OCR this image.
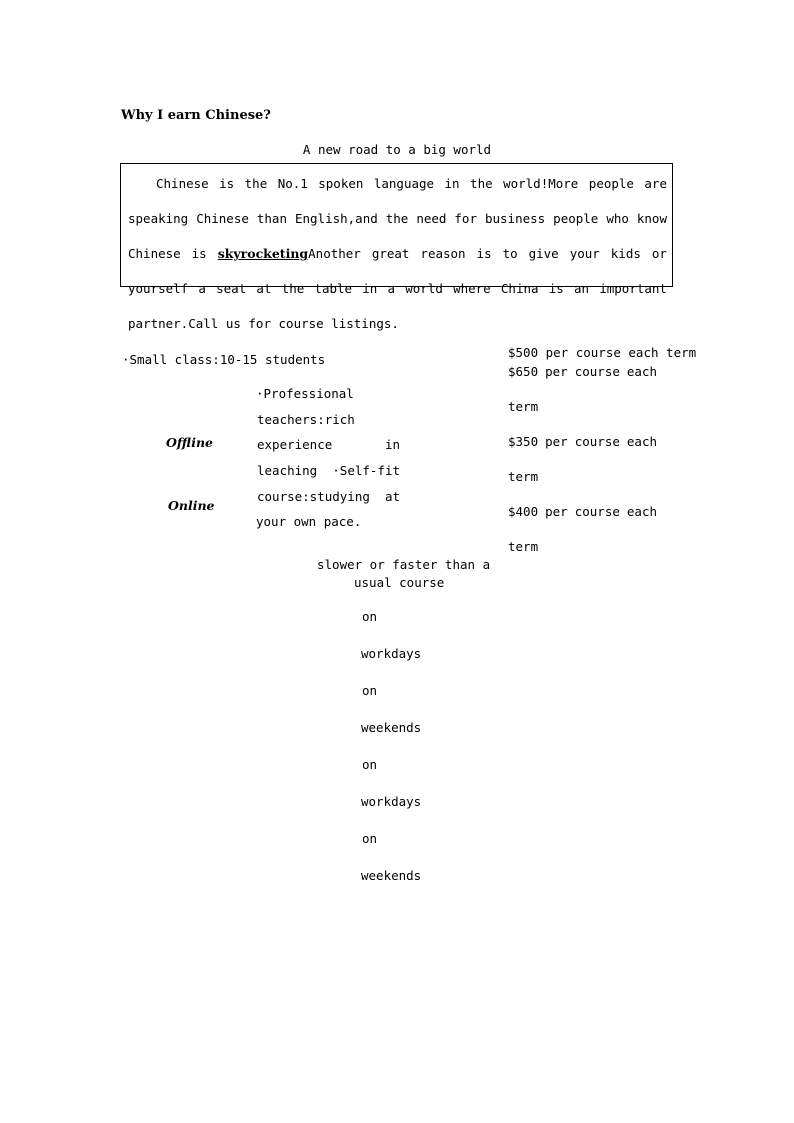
Why I earn Chinese?
A new road to a big world
Chinese is the No.1 spoken language in the world!More people are
speaking Chinese than English,and the need for business people who know
Chinese is skyrocketingAnother great reason is to give your kids or
yourself a seat at the table in a world where China is an important
partner.Call us for course listings.
·Small class:10-15 students
·Professional
teachers:rich
experience	in
leaching ·Self-fit
course:studying at
your own pace.
slower or faster than a
usual course
Offline
Online
on
workdays
on
weekends
on
workdays
on
weekends
$500 per course each term
$650 per course each
term
$350 per course each
term
$400 per course each
term
